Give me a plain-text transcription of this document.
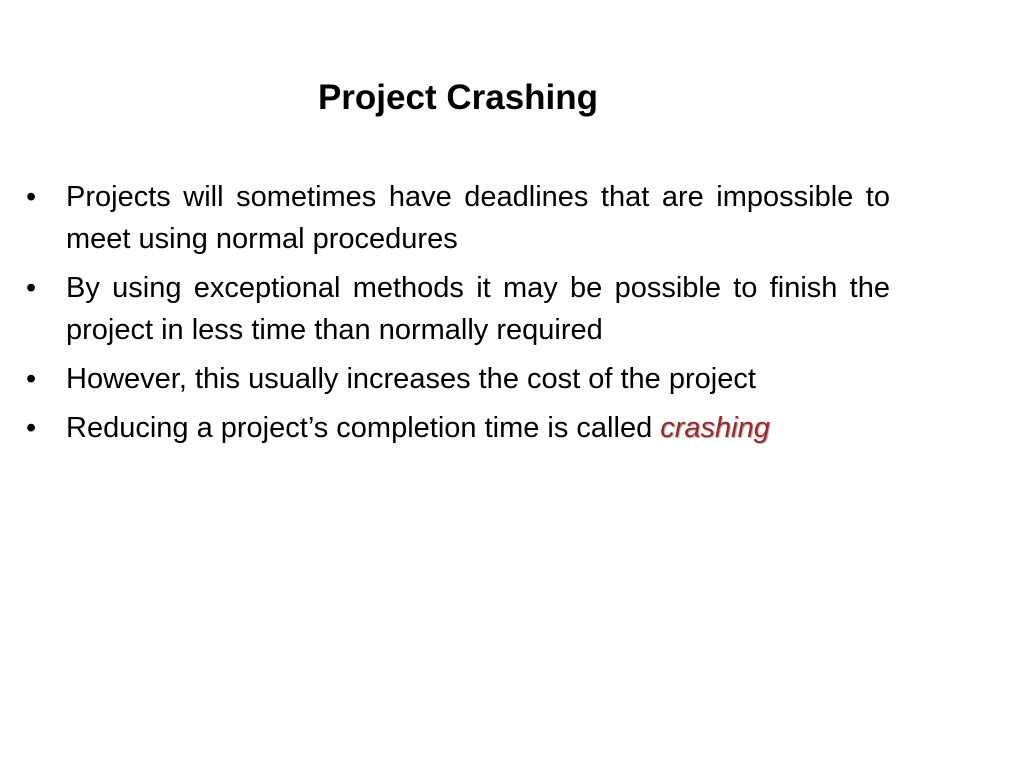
Project Crashing
•	Projects will sometimes have deadlines that are impossible to meet using normal procedures
•	By using exceptional methods it may be possible to finish the project in less time than normally required
•	However, this usually increases the cost of the project
•	Reducing a project’s completion time is called crashing
